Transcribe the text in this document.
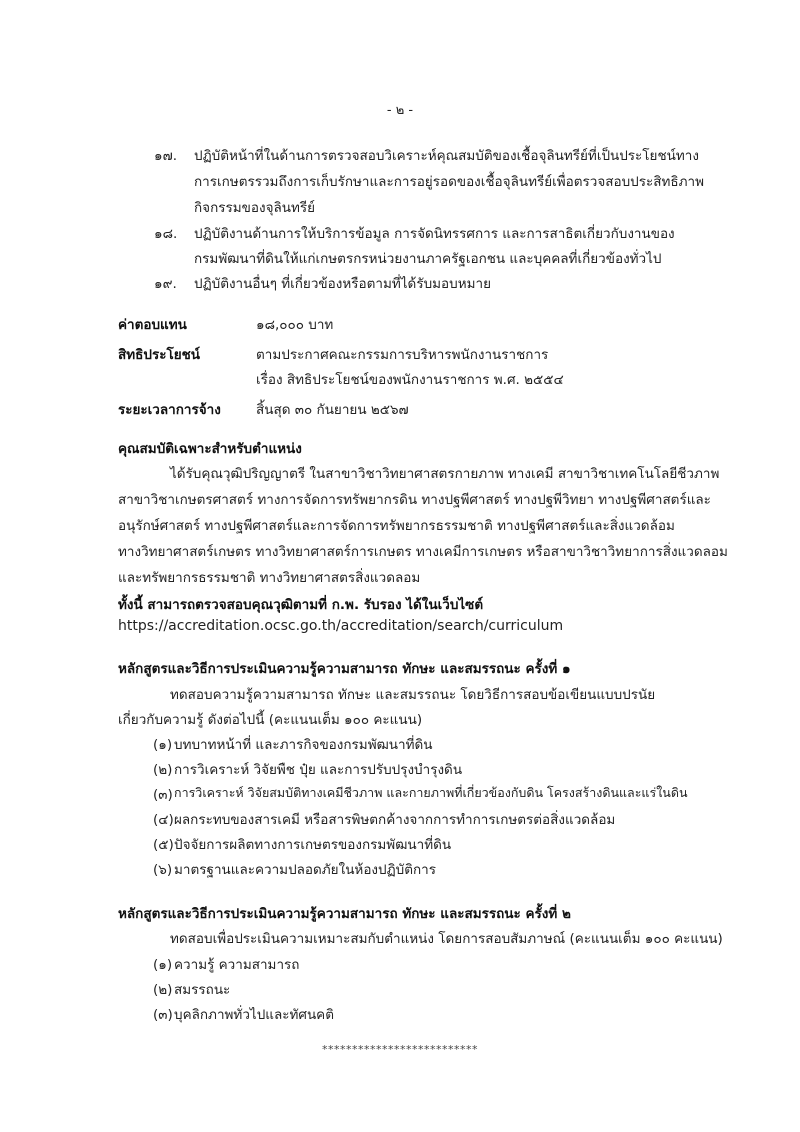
- ๒ -
๑๗. ปฏิบัติหน้าที่ในด้านการตรวจสอบวิเคราะห์คุณสมบัติของเชื้อจุลินทรีย์ที่เป็นประโยชน์ทาง
การเกษตรรวมถึงการเก็บรักษาและการอยู่รอดของเชื้อจุลินทรีย์เพื่อตรวจสอบประสิทธิภาพ
กิจกรรมของจุลินทรีย์
๑๘. ปฏิบัติงานด้านการให้บริการข้อมูล การจัดนิทรรศการ และการสาธิตเกี่ยวกับงานของ
กรมพัฒนาที่ดินให้แก่เกษตรกรหน่วยงานภาครัฐเอกชน และบุคคลที่เกี่ยวข้องทั่วไป
๑๙. ปฏิบัติงานอื่นๆ ที่เกี่ยวข้องหรือตามที่ได้รับมอบหมาย
ค่าตอบแทน	๑๘,๐๐๐ บาท
สิทธิประโยชน์	ตามประกาศคณะกรรมการบริหารพนักงานราชการ
เรื่อง สิทธิประโยชน์ของพนักงานราชการ พ.ศ. ๒๕๕๔
ระยะเวลาการจ้าง	สิ้นสุด ๓๐ กันยายน ๒๕๖๗
คุณสมบัติเฉพาะสำหรับตำแหน่ง
ได้รับคุณวุฒิปริญญาตรี ในสาขาวิชาวิทยาศาสตรกายภาพ ทางเคมี สาขาวิชาเทคโนโลยีชีวภาพ
สาขาวิชาเกษตรศาสตร์ ทางการจัดการทรัพยากรดิน ทางปฐพีศาสตร์ ทางปฐพีวิทยา ทางปฐพีศาสตร์และ
อนุรักษ์ศาสตร์ ทางปฐพีศาสตร์และการจัดการทรัพยากรธรรมชาติ ทางปฐพีศาสตร์และสิ่งแวดล้อม
ทางวิทยาศาสตร์เกษตร ทางวิทยาศาสตร์การเกษตร ทางเคมีการเกษตร หรือสาขาวิชาวิทยาการสิ่งแวดลอม
และทรัพยากรธรรมชาติ ทางวิทยาศาสตรสิ่งแวดลอม
ทั้งนี้ สามารถตรวจสอบคุณวุฒิตามที่ ก.พ. รับรอง ได้ในเว็บไซต์
https://accreditation.ocsc.go.th/accreditation/search/curriculum
หลักสูตรและวิธีการประเมินความรู้ความสามารถ ทักษะ และสมรรถนะ ครั้งที่ ๑
ทดสอบความรู้ความสามารถ ทักษะ และสมรรถนะ โดยวิธีการสอบข้อเขียนแบบปรนัย
เกี่ยวกับความรู้ ดังต่อไปนี้ (คะแนนเต็ม ๑๐๐ คะแนน)
(๑) บทบาทหน้าที่ และภารกิจของกรมพัฒนาที่ดิน
(๒) การวิเคราะห์ วิจัยพืช ปุ๋ย และการปรับปรุงบำรุงดิน
(๓) การวิเคราะห์ วิจัยสมบัติทางเคมีชีวภาพ และกายภาพที่เกี่ยวข้องกับดิน โครงสร้างดินและแร่ในดิน
(๔) ผลกระทบของสารเคมี หรือสารพิษตกค้างจากการทำการเกษตรต่อสิ่งแวดล้อม
(๕) ปัจจัยการผลิตทางการเกษตรของกรมพัฒนาที่ดิน
(๖) มาตรฐานและความปลอดภัยในห้องปฏิบัติการ
หลักสูตรและวิธีการประเมินความรู้ความสามารถ ทักษะ และสมรรถนะ ครั้งที่ ๒
ทดสอบเพื่อประเมินความเหมาะสมกับตำแหน่ง โดยการสอบสัมภาษณ์ (คะแนนเต็ม ๑๐๐ คะแนน)
(๑) ความรู้ ความสามารถ
(๒) สมรรถนะ
(๓) บุคลิกภาพทั่วไปและทัศนคติ
**************************
